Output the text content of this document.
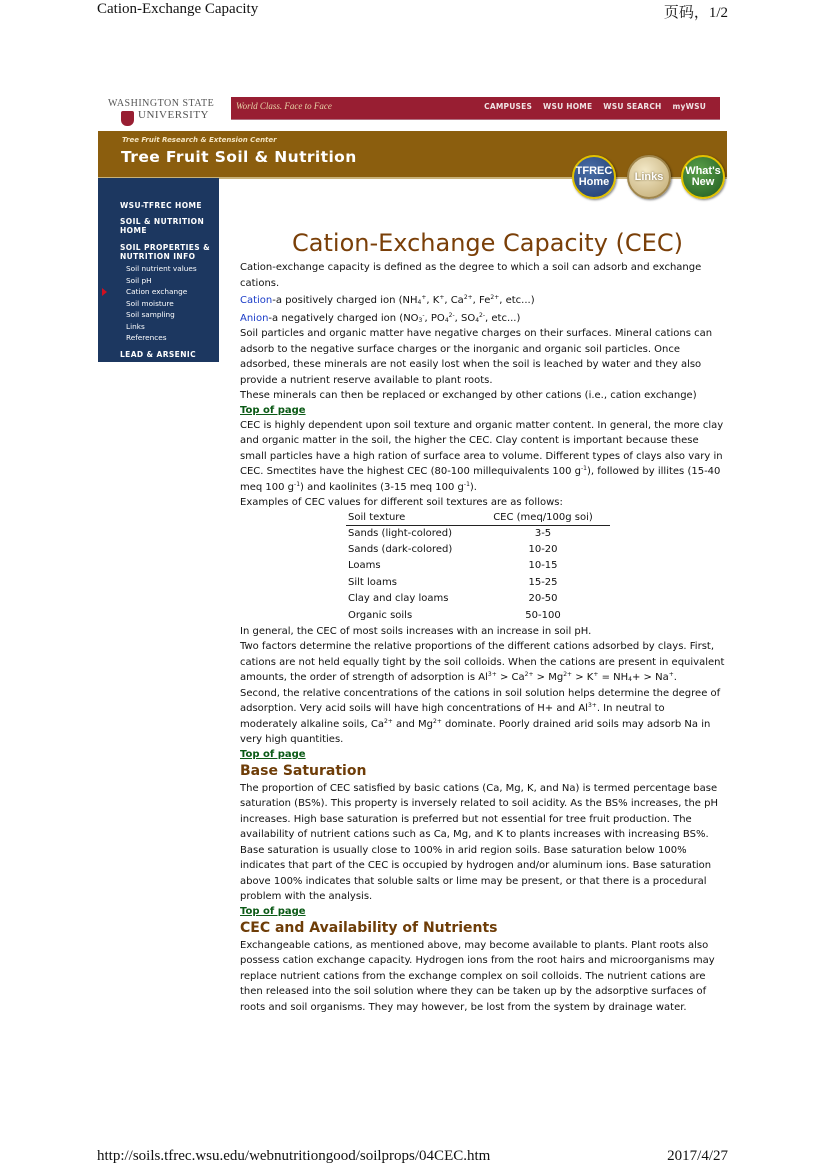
Cation-Exchange Capacity	页码，1/2
WASHINGTON STATE
UNIVERSITY
World Class. Face to Face	CAMPUSES WSU HOME WSU SEARCH myWSU
Tree Fruit Research & Extension Center
Tree Fruit Soil & Nutrition
TFREC Home	Links What's New
WSU-TFREC HOME
SOIL & NUTRITION HOME
SOIL PROPERTIES & NUTRITION INFO
Soil nutrient values
Soil pH
Cation exchange
Soil moisture
Soil sampling
Links
References
LEAD & ARSENIC
Cation-Exchange Capacity (CEC)

Cation-exchange capacity is defined as the degree to which a soil can adsorb and exchange cations.

Cation-a positively charged ion ($NH_4^+$, K+, $Ca^{2+}$, $Fe^{2+}$, etc...)

Anion-a negatively charged ion ($NO_3^-$, $PO_4^{2-}$, $SO_4^{2-}$, etc...)

Soil particles and organic matter have negative charges on their surfaces. Mineral cations can adsorb to the negative surface charges or the inorganic and organic soil particles. Once adsorbed, these minerals are not easily lost when the soil is leached by water and they also provide a nutrient reserve available to plant roots.

These minerals can then be replaced or exchanged by other cations (i.e., cation exchange)

Top of page

CEC is highly dependent upon soil texture and organic matter content. In general, the more clay and organic matter in the soil, the higher the CEC. Clay content is important because these small particles have a high ration of surface area to volume. Different types of clays also vary in CEC. Smectites have the highest CEC (80-100 millequivalents 100 $g^{-1}$), followed by illites (15-40 meq 100 $g^{-1}$) and kaolinites (3-15 meq 100 $g^{-1}$).

Examples of CEC values for different soil textures are as follows:

Soil texture	CEC (meq/100g soi)
Sands (light-colored)	3-5
Sands (dark-colored)	10-20
Loams	10-15
Silt loams	15-25
Clay and clay loams	20-50
Organic soils	50-100

In general, the CEC of most soils increases with an increase in soil pH.

Two factors determine the relative proportions of the different cations adsorbed by clays. First, cations are not held equally tight by the soil colloids. When the cations are present in equivalent amounts, the order of strength of adsorption is $Al^{3+} > Ca^{2+} > Mg^{2+} > K^+ = NH_4+ > Na^+$.

Second, the relative concentrations of the cations in soil solution helps determine the degree of adsorption. Very acid soils will have high concentrations of H+ and $Al^{3+}$. In neutral to moderately alkaline soils, $Ca^{2+}$ and $Mg^{2+}$ dominate. Poorly drained arid soils may adsorb Na in very high quantities.

Top of page
Base Saturation

The proportion of CEC satisfied by basic cations (Ca, Mg, K, and Na) is termed percentage base saturation (BS%). This property is inversely related to soil acidity. As the BS% increases, the pH increases. High base saturation is preferred but not essential for tree fruit production. The availability of nutrient cations such as Ca, Mg, and K to plants increases with increasing BS%.

Base saturation is usually close to 100% in arid region soils. Base saturation below 100% indicates that part of the CEC is occupied by hydrogen and/or aluminum ions. Base saturation above 100% indicates that soluble salts or lime may be present, or that there is a procedural problem with the analysis.

Top of page
CEC and Availability of Nutrients

Exchangeable cations, as mentioned above, may become available to plants. Plant roots also possess cation exchange capacity. Hydrogen ions from the root hairs and microorganisms may replace nutrient cations from the exchange complex on soil colloids. The nutrient cations are then released into the soil solution where they can be taken up by the adsorptive surfaces of roots and soil organisms. They may however, be lost from the system by drainage water.

http://soils.tfrec.wsu.edu/webnutritiongood/soilprops/04CEC.htm	2017/4/27
